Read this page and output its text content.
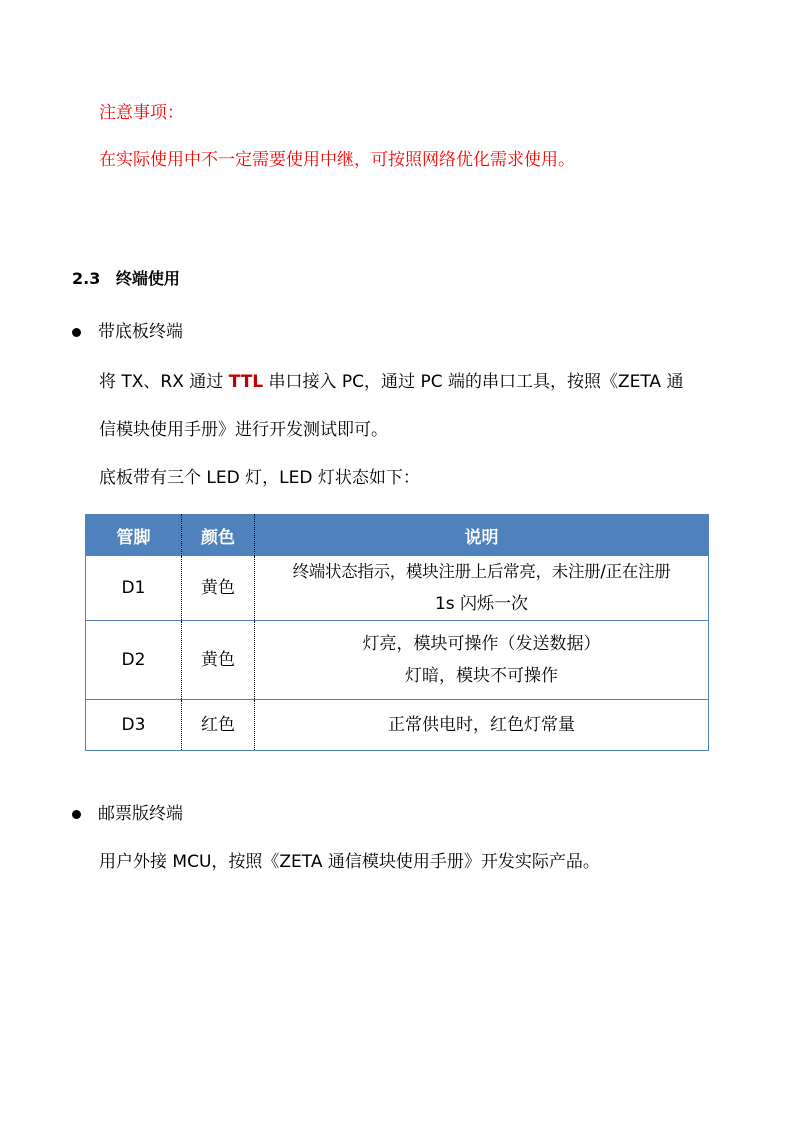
注意事项：
在实际使用中不一定需要使用中继，可按照网络优化需求使用。
2.3 终端使用
带底板终端
将 TX、RX 通过 TTL 串口接入 PC，通过 PC 端的串口工具，按照《ZETA 通
信模块使用手册》进行开发测试即可。
底板带有三个 LED 灯，LED 灯状态如下：
管脚	颜色	说明
D1	黄色	终端状态指示，模块注册上后常亮，未注册/正在注册
1s 闪烁一次

D2	黄色	灯亮，模块可操作（发送数据）
灯暗，模块不可操作

D3	红色	正常供电时，红色灯常量
邮票版终端
用户外接 MCU，按照《ZETA 通信模块使用手册》开发实际产品。
